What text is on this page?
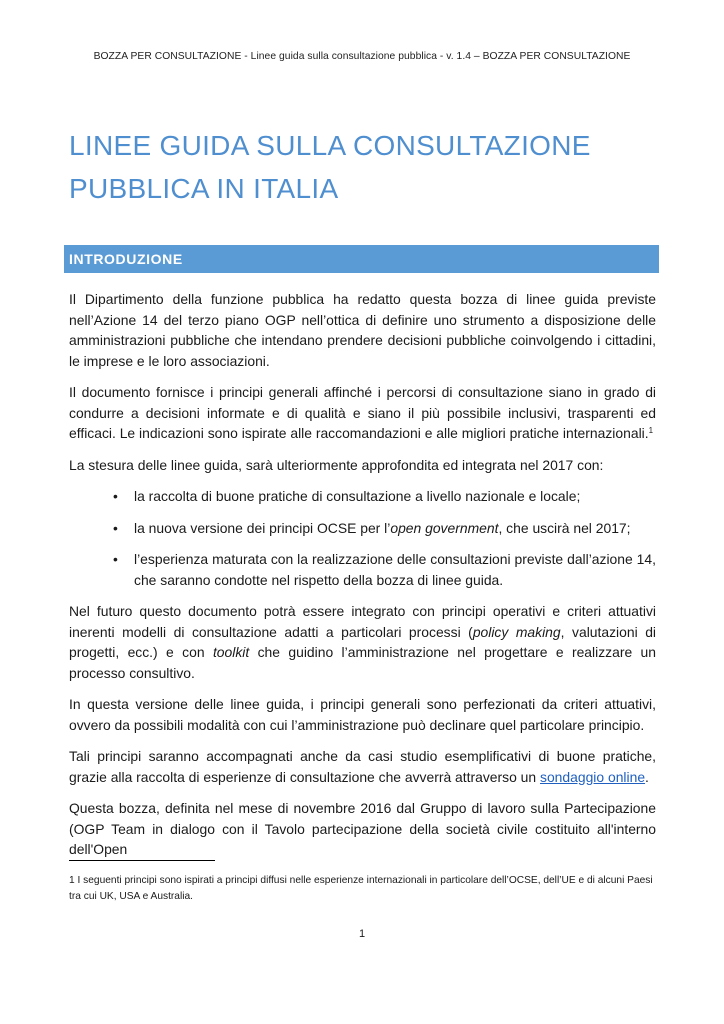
BOZZA PER CONSULTAZIONE - Linee guida sulla consultazione pubblica - v. 1.4 – BOZZA PER CONSULTAZIONE
LINEE GUIDA SULLA CONSULTAZIONE
PUBBLICA IN ITALIA
INTRODUZIONE

Il Dipartimento della funzione pubblica ha redatto questa bozza di linee guida previste nell’Azione 14 del terzo piano OGP nell’ottica di definire uno strumento a disposizione delle amministrazioni pubbliche che intendano prendere decisioni pubbliche coinvolgendo i cittadini, le imprese e le loro associazioni.

Il documento fornisce i principi generali affinché i percorsi di consultazione siano in grado di condurre a decisioni informate e di qualità e siano il più possibile inclusivi, trasparenti ed efficaci. Le indicazioni sono ispirate alle raccomandazioni e alle migliori pratiche internazionali.$^1$

La stesura delle linee guida, sarà ulteriormente approfondita ed integrata nel 2017 con:

• la raccolta di buone pratiche di consultazione a livello nazionale e locale;
• la nuova versione dei principi OCSE per l’open government, che uscirà nel 2017;
• l’esperienza maturata con la realizzazione delle consultazioni previste dall’azione 14, che saranno condotte nel rispetto della bozza di linee guida.

Nel futuro questo documento potrà essere integrato con principi operativi e criteri attuativi inerenti modelli di consultazione adatti a particolari processi (policy making, valutazioni di progetti, ecc.) e con toolkit che guidino l’amministrazione nel progettare e realizzare un processo consultivo.

In questa versione delle linee guida, i principi generali sono perfezionati da criteri attuativi, ovvero da possibili modalità con cui l’amministrazione può declinare quel particolare principio.

Tali principi saranno accompagnati anche da casi studio esemplificativi di buone pratiche, grazie alla raccolta di esperienze di consultazione che avverrà attraverso un sondaggio online.

Questa bozza, definita nel mese di novembre 2016 dal Gruppo di lavoro sulla Partecipazione (OGP Team in dialogo con il Tavolo partecipazione della società civile costituito all'interno dell'Open

1 I seguenti principi sono ispirati a principi diffusi nelle esperienze internazionali in particolare dell’OCSE, dell’UE e di alcuni Paesi tra cui UK, USA e Australia.
1
